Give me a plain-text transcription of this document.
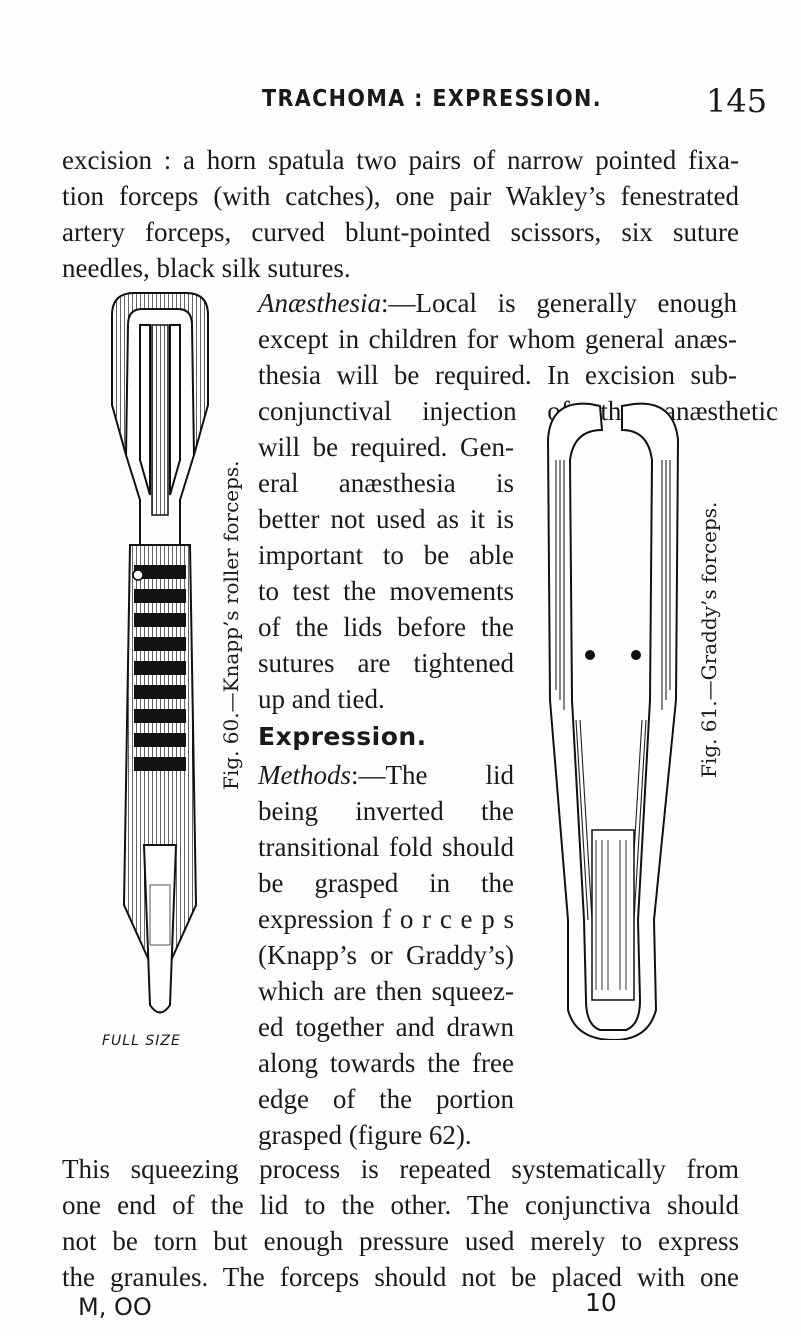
TRACHOMA : EXPRESSION.	145
excision : a horn spatula two pairs of narrow pointed fixa-
tion forceps (with catches), one pair Wakley’s fenestrated
artery forceps, curved blunt-pointed scissors, six suture
needles, black silk sutures.
Anæsthesia:—Local is generally enough
except in children for whom general anæs-
thesia will be required. In excision sub-
conjunctival injection of the anæsthetic
will be required. Gen-
eral anæsthesia is
better not used as it is
important to be able
to test the movements
of the lids before the
sutures are tightened
up and tied.
Expression.
Methods:—The lid
being inverted the
transitional fold should
be grasped in the
expression f o r c e p s
(Knapp’s or Graddy’s)
which are then squeez-
ed together and drawn
along towards the free
edge of the portion
grasped (figure 62).
This squeezing process is repeated systematically from
one end of the lid to the other. The conjunctiva should
not be torn but enough pressure used merely to express
the granules. The forceps should not be placed with one
M, OO	10
Fig. 60.—Knapp’s roller forceps.
FULL SIZE
Fig. 61.—Graddy’s forceps.
